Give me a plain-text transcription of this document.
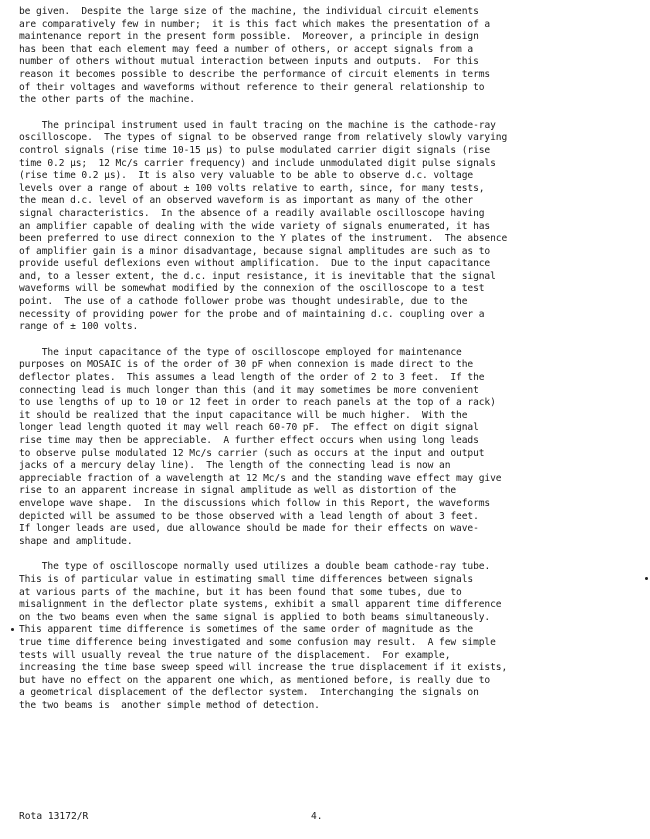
be given.  Despite the large size of the machine, the individual circuit elements
are comparatively few in number;  it is this fact which makes the presentation of a
maintenance report in the present form possible.  Moreover, a principle in design
has been that each element may feed a number of others, or accept signals from a
number of others without mutual interaction between inputs and outputs.  For this
reason it becomes possible to describe the performance of circuit elements in terms
of their voltages and waveforms without reference to their general relationship to
the other parts of the machine.

The principal instrument used in fault tracing on the machine is the cathode-ray
oscilloscope.  The types of signal to be observed range from relatively slowly varying
control signals (rise time 10-15 µs) to pulse modulated carrier digit signals (rise
time 0.2 µs;  12 Mc/s carrier frequency) and include unmodulated digit pulse signals
(rise time 0.2 µs).  It is also very valuable to be able to observe d.c. voltage
levels over a range of about ± 100 volts relative to earth, since, for many tests,
the mean d.c. level of an observed waveform is as important as many of the other
signal characteristics.  In the absence of a readily available oscilloscope having
an amplifier capable of dealing with the wide variety of signals enumerated, it has
been preferred to use direct connexion to the Y plates of the instrument.  The absence
of amplifier gain is a minor disadvantage, because signal amplitudes are such as to
provide useful deflexions even without amplification.  Due to the input capacitance
and, to a lesser extent, the d.c. input resistance, it is inevitable that the signal
waveforms will be somewhat modified by the connexion of the oscilloscope to a test
point.  The use of a cathode follower probe was thought undesirable, due to the
necessity of providing power for the probe and of maintaining d.c. coupling over a
range of ± 100 volts.

The input capacitance of the type of oscilloscope employed for maintenance
purposes on MOSAIC is of the order of 30 pF when connexion is made direct to the
deflector plates.  This assumes a lead length of the order of 2 to 3 feet.  If the
connecting lead is much longer than this (and it may sometimes be more convenient
to use lengths of up to 10 or 12 feet in order to reach panels at the top of a rack)
it should be realized that the input capacitance will be much higher.  With the
longer lead length quoted it may well reach 60-70 pF.  The effect on digit signal
rise time may then be appreciable.  A further effect occurs when using long leads
to observe pulse modulated 12 Mc/s carrier (such as occurs at the input and output
jacks of a mercury delay line).  The length of the connecting lead is now an
appreciable fraction of a wavelength at 12 Mc/s and the standing wave effect may give
rise to an apparent increase in signal amplitude as well as distortion of the
envelope wave shape.  In the discussions which follow in this Report, the waveforms
depicted will be assumed to be those observed with a lead length of about 3 feet.
If longer leads are used, due allowance should be made for their effects on wave-
shape and amplitude.

The type of oscilloscope normally used utilizes a double beam cathode-ray tube.
This is of particular value in estimating small time differences between signals
at various parts of the machine, but it has been found that some tubes, due to
misalignment in the deflector plate systems, exhibit a small apparent time difference
on the two beams even when the same signal is applied to both beams simultaneously.
This apparent time difference is sometimes of the same order of magnitude as the
true time difference being investigated and some confusion may result.  A few simple
tests will usually reveal the true nature of the displacement.  For example,
increasing the time base sweep speed will increase the true displacement if it exists,
but have no effect on the apparent one which, as mentioned before, is really due to
a geometrical displacement of the deflector system.  Interchanging the signals on
the two beams is  another simple method of detection.

Rota 13172/R	4.
